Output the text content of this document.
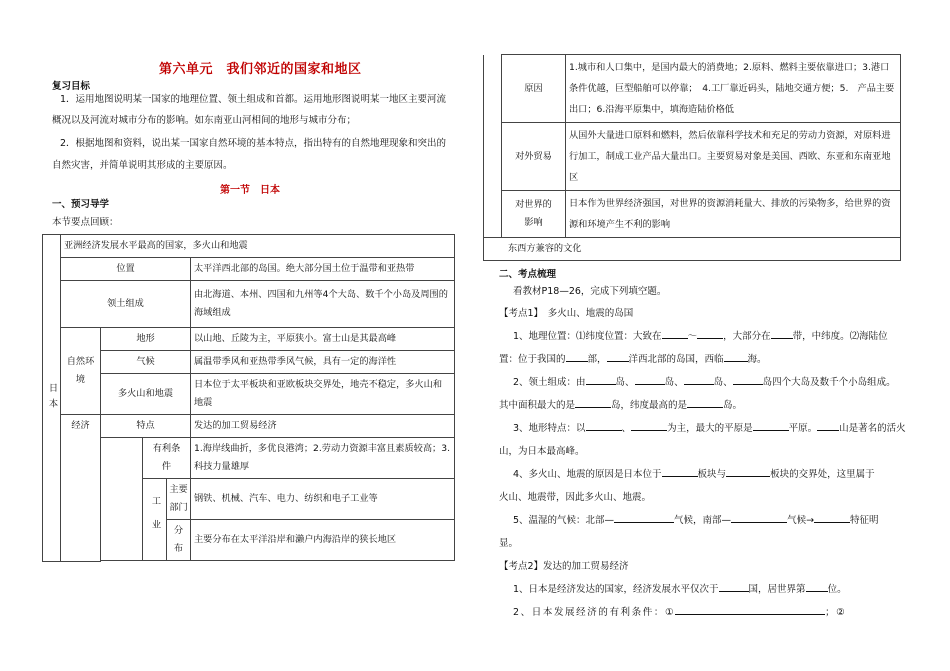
第六单元　我们邻近的国家和地区
复习目标
1．运用地图说明某一国家的地理位置、领土组成和首都。运用地形图说明某一地区主要河流
概况以及河流对城市分布的影响。如东南亚山河相间的地形与城市分布；
2．根据地图和资料，说出某一国家自然环境的基本特点，指出特有的自然地理现象和突出的
自然灾害，并简单说明其形成的主要原因。
第一节　日本
一、预习导学
本节要点回顾：
日本	亚洲经济发展水平最高的国家，多火山和地震				
	位置				太平洋西北部的岛国。绝大部分国土位于温带和亚热带
	领土组成				由北海道、本州、四国和九州等4个大岛、数千个小岛及周围的海域组成
	自然环境	地形			以山地、丘陵为主，平原狭小。富士山是其最高峰
		气候			属温带季风和亚热带季风气候，具有一定的海洋性
		多火山和地震			日本位于太平板块和亚欧板块交界处，地壳不稳定，多火山和地震
	经济	特点			发达的加工贸易经济
			有利条件		1.海岸线曲折，多优良港湾；2.劳动力资源丰富且素质较高；3.科技力量雄厚
			工业	主要部门	钢铁、机械、汽车、电力、纺织和电子工业等
				分布	主要分布在太平洋沿岸和濑户内海沿岸的狭长地区

	原因	1.城市和人口集中，是国内最大的消费地；2.原料、燃料主要依靠进口；3.港口条件优越，巨型船舶可以停靠；　4.工厂靠近码头，陆地交通方便；5.　产品主要出口；6.沿海平原集中，填海造陆价格低
	对外贸易	从国外大量进口原料和燃料，然后依靠科学技术和充足的劳动力资源，对原料进行加工，制成工业产品大量出口。主要贸易对象是美国、西欧、东亚和东南亚地区
	对世界的影响	日本作为世界经济强国，对世界的资源消耗量大、排放的污染物多，给世界的资源和环境产生不利的影响
东西方兼容的文化		
二、考点梳理
看教材P18—26，完成下列填空题。
【考点1】　多火山、地震的岛国
1、地理位置：⑴纬度位置：大致在	～	，大部分在 带，中纬度。⑵海陆位
置：位于我国的 部， 洋西北部的岛国，西临	海。
2、领土组成：由	岛、	岛、	岛、	岛四个大岛及数千个小岛组成。
其中面积最大的是	岛，纬度最高的是	岛。
3、地形特点：以	、	为主，最大的平原是	平原。 山是著名的活火
山，为日本最高峰。
4、多火山、地震的原因是日本位于	板块与	板块的交界处，这里属于
火山、地震带，因此多火山、地震。
5、温湿的气候：北部—	气候，南部—	气候→	特征明
显。
【考点2】发达的加工贸易经济
1、日本是经济发达的国家，经济发展水平仅次于	国，居世界第 位。
2、日本发展经济的有利条件：①	；②
